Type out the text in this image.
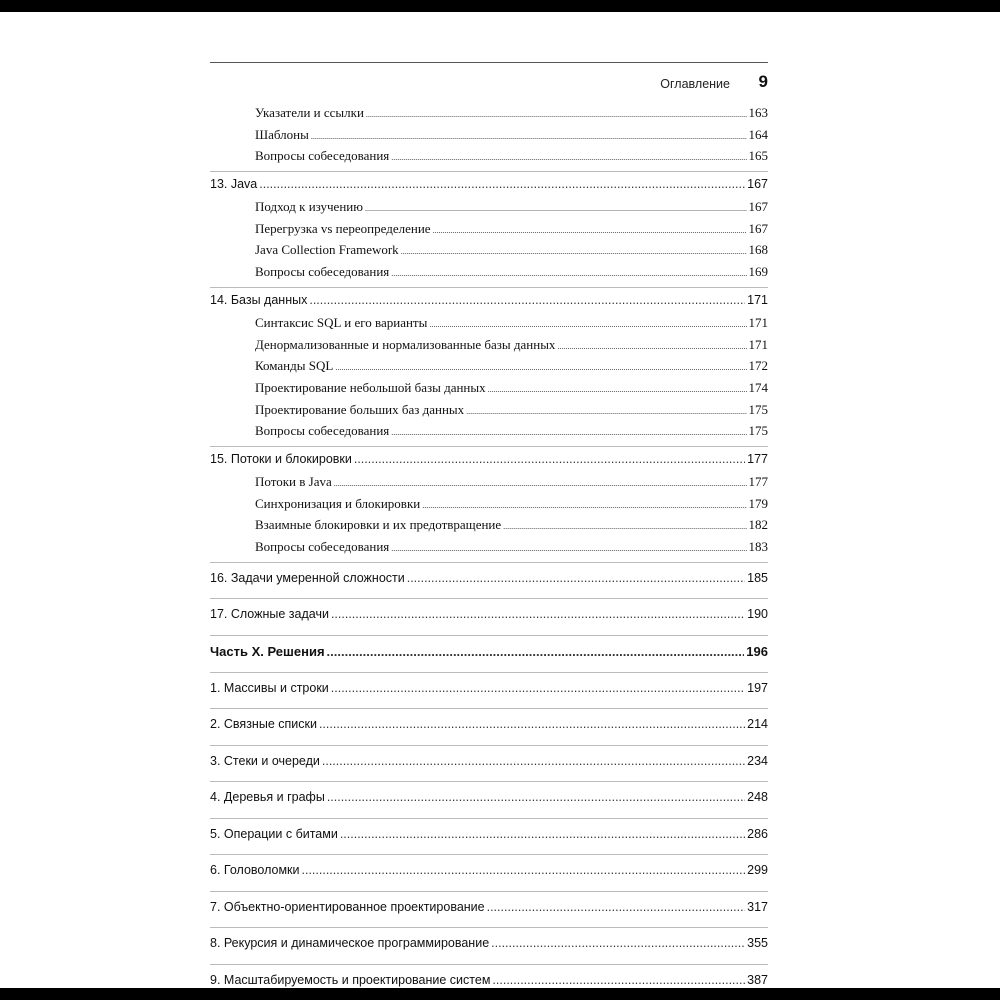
Оглавление 9
Указатели и ссылки .....	163
Шаблоны .....	164
Вопросы собеседования .....	165
13. Java .....	167
Подход к изучению .....	167
Перегрузка vs переопределение .....	167
Java Collection Framework .....	168
Вопросы собеседования .....	169
14. Базы данных .....	171
Синтаксис SQL и его варианты .....	171
Денормализованные и нормализованные базы данных .....	171
Команды SQL .....	172
Проектирование небольшой базы данных .....	174
Проектирование больших баз данных .....	175
Вопросы собеседования .....	175
15. Потоки и блокировки .....	177
Потоки в Java .....	177
Синхронизация и блокировки .....	179
Взаимные блокировки и их предотвращение .....	182
Вопросы собеседования .....	183
16. Задачи умеренной сложности .....	185
17. Сложные задачи .....	190
Часть X. Решения .....	196
1. Массивы и строки .....	197
2. Связные списки .....	214
3. Стеки и очереди .....	234
4. Деревья и графы .....	248
5. Операции с битами .....	286
6. Головоломки .....	299
7. Объектно-ориентированное проектирование .....	317
8. Рекурсия и динамическое программирование .....	355
9. Масштабируемость и проектирование систем .....	387
